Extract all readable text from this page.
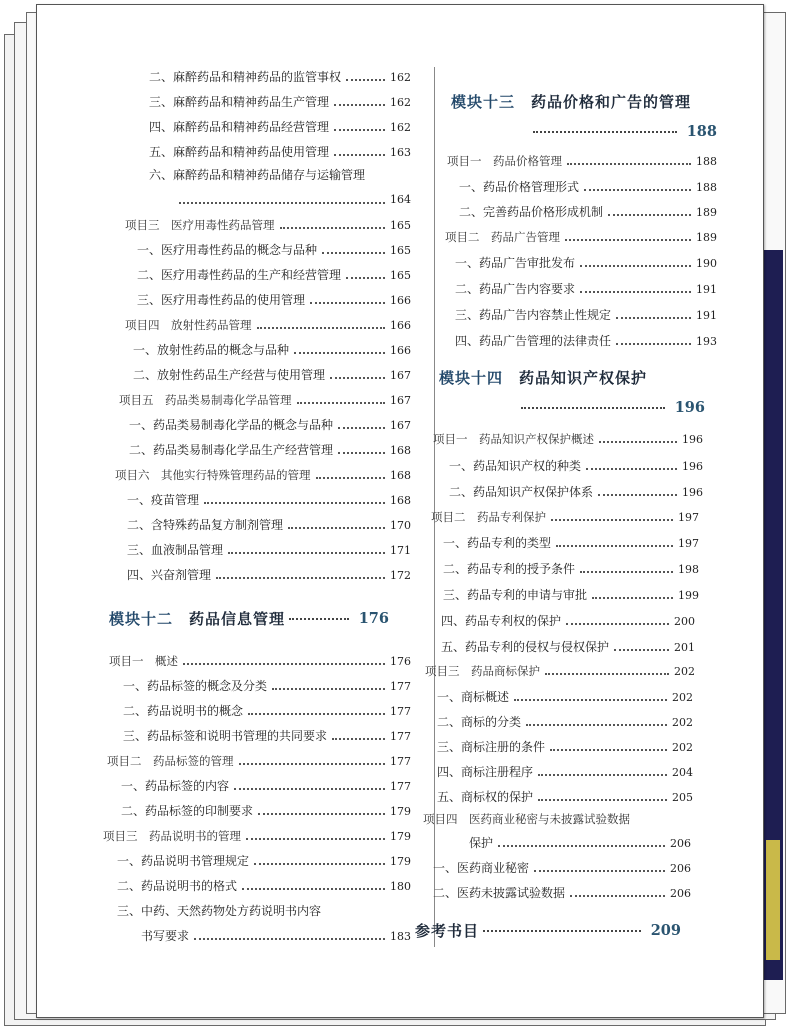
二、麻醉药品和精神药品的监管事权	162
三、麻醉药品和精神药品生产管理	162
四、麻醉药品和精神药品经营管理	162
五、麻醉药品和精神药品使用管理	163
六、麻醉药品和精神药品储存与运输管理
164
项目三　医疗用毒性药品管理	165
一、医疗用毒性药品的概念与品种	165
二、医疗用毒性药品的生产和经营管理	165
三、医疗用毒性药品的使用管理	166
项目四　放射性药品管理	166
一、放射性药品的概念与品种	166
二、放射性药品生产经营与使用管理	167
项目五　药品类易制毒化学品管理	167
一、药品类易制毒化学品的概念与品种	167
二、药品类易制毒化学品生产经营管理	168
项目六　其他实行特殊管理药品的管理	168
一、疫苗管理	168
二、含特殊药品复方制剂管理	170
三、血液制品管理	171
四、兴奋剂管理	172
模块十二　 药品信息管理	176
项目一　概述	176
一、药品标签的概念及分类	177
二、药品说明书的概念	177
三、药品标签和说明书管理的共同要求	177
项目二　药品标签的管理	177
一、药品标签的内容	177
二、药品标签的印制要求	179
项目三　药品说明书的管理	179
一、药品说明书管理规定	179
二、药品说明书的格式	180
三、中药、天然药物处方药说明书内容
书写要求	183
模块十三　 药品价格和广告的管理
188
项目一　药品价格管理	188
一、药品价格管理形式	188
二、完善药品价格形成机制	189
项目二　药品广告管理	189
一、药品广告审批发布	190
二、药品广告内容要求	191
三、药品广告内容禁止性规定	191
四、药品广告管理的法律责任	193
模块十四　 药品知识产权保护
196
项目一　药品知识产权保护概述	196
一、药品知识产权的种类	196
二、药品知识产权保护体系	196
项目二　药品专利保护	197
一、药品专利的类型	197
二、药品专利的授予条件	198
三、药品专利的申请与审批	199
四、药品专利权的保护	200
五、药品专利的侵权与侵权保护	201
项目三　药品商标保护	202
一、商标概述	202
二、商标的分类	202
三、商标注册的条件	202
四、商标注册程序	204
五、商标权的保护	205
项目四　医药商业秘密与未披露试验数据
保护	206
一、医药商业秘密	206
二、医药未披露试验数据	206
参考书目	209
